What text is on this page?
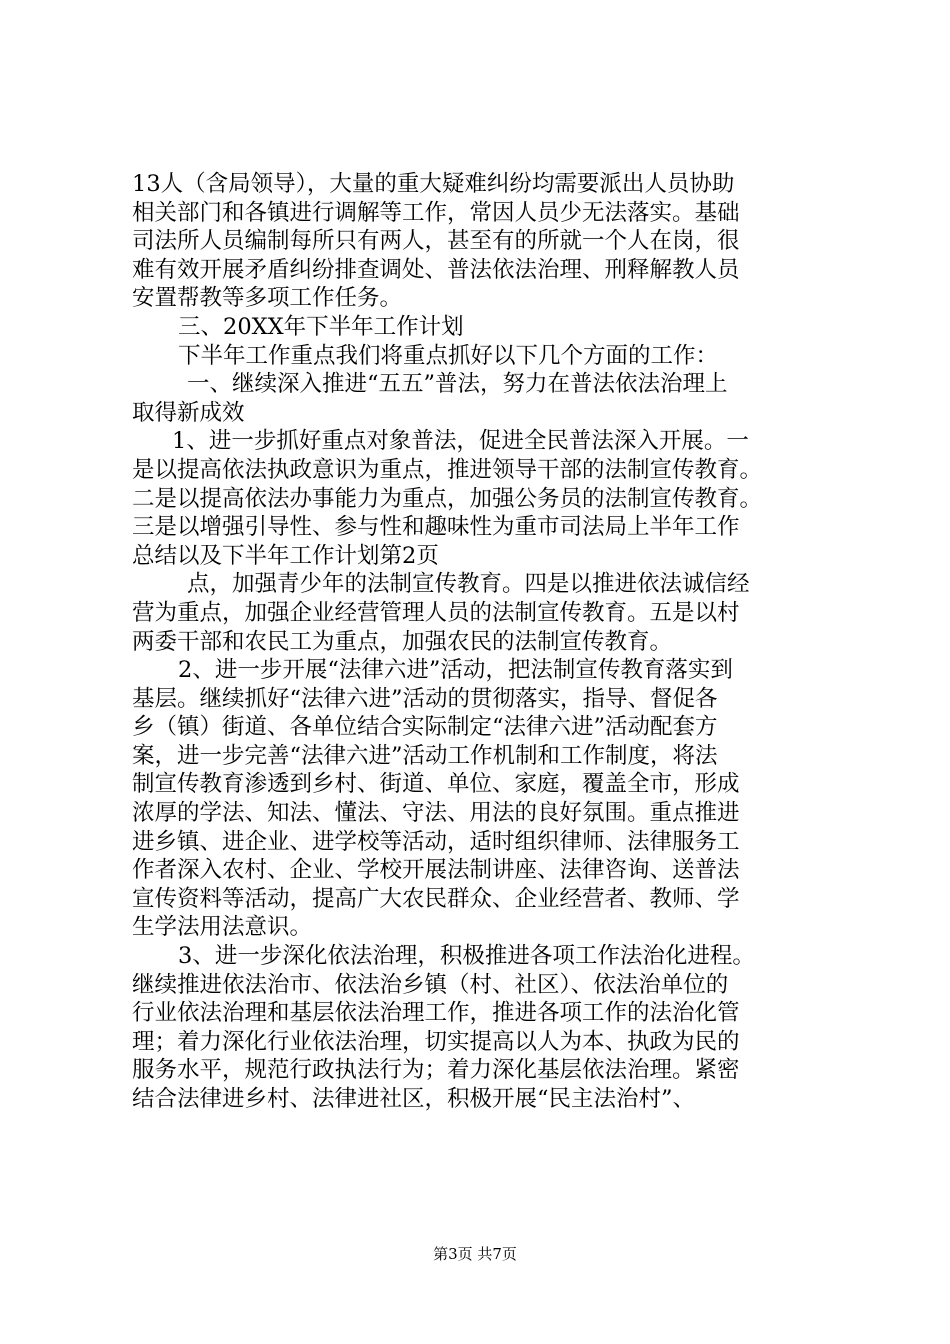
13人（含局领导），大量的重大疑难纠纷均需要派出人员协助
相关部门和各镇进行调解等工作，常因人员少无法落实。基础
司法所人员编制每所只有两人，甚至有的所就一个人在岗，很
难有效开展矛盾纠纷排查调处、普法依法治理、刑释解教人员
安置帮教等多项工作任务。
三、20XX年下半年工作计划
下半年工作重点我们将重点抓好以下几个方面的工作：
一、继续深入推进“五五”普法，努力在普法依法治理上
取得新成效
1、进一步抓好重点对象普法，促进全民普法深入开展。一
是以提高依法执政意识为重点，推进领导干部的法制宣传教育。
二是以提高依法办事能力为重点，加强公务员的法制宣传教育。
三是以增强引导性、参与性和趣味性为重市司法局上半年工作
总结以及下半年工作计划第2页
点，加强青少年的法制宣传教育。四是以推进依法诚信经
营为重点，加强企业经营管理人员的法制宣传教育。五是以村
两委干部和农民工为重点，加强农民的法制宣传教育。
2、进一步开展“法律六进”活动，把法制宣传教育落实到
基层。继续抓好“法律六进”活动的贯彻落实，指导、督促各
乡（镇）街道、各单位结合实际制定“法律六进”活动配套方
案，进一步完善“法律六进”活动工作机制和工作制度，将法
制宣传教育渗透到乡村、街道、单位、家庭，覆盖全市，形成
浓厚的学法、知法、懂法、守法、用法的良好氛围。重点推进
进乡镇、进企业、进学校等活动，适时组织律师、法律服务工
作者深入农村、企业、学校开展法制讲座、法律咨询、送普法
宣传资料等活动，提高广大农民群众、企业经营者、教师、学
生学法用法意识。
3、进一步深化依法治理，积极推进各项工作法治化进程。
继续推进依法治市、依法治乡镇（村、社区）、依法治单位的
行业依法治理和基层依法治理工作，推进各项工作的法治化管
理；着力深化行业依法治理，切实提高以人为本、执政为民的
服务水平，规范行政执法行为；着力深化基层依法治理。紧密
结合法律进乡村、法律进社区，积极开展“民主法治村”、
第3页 共7页
